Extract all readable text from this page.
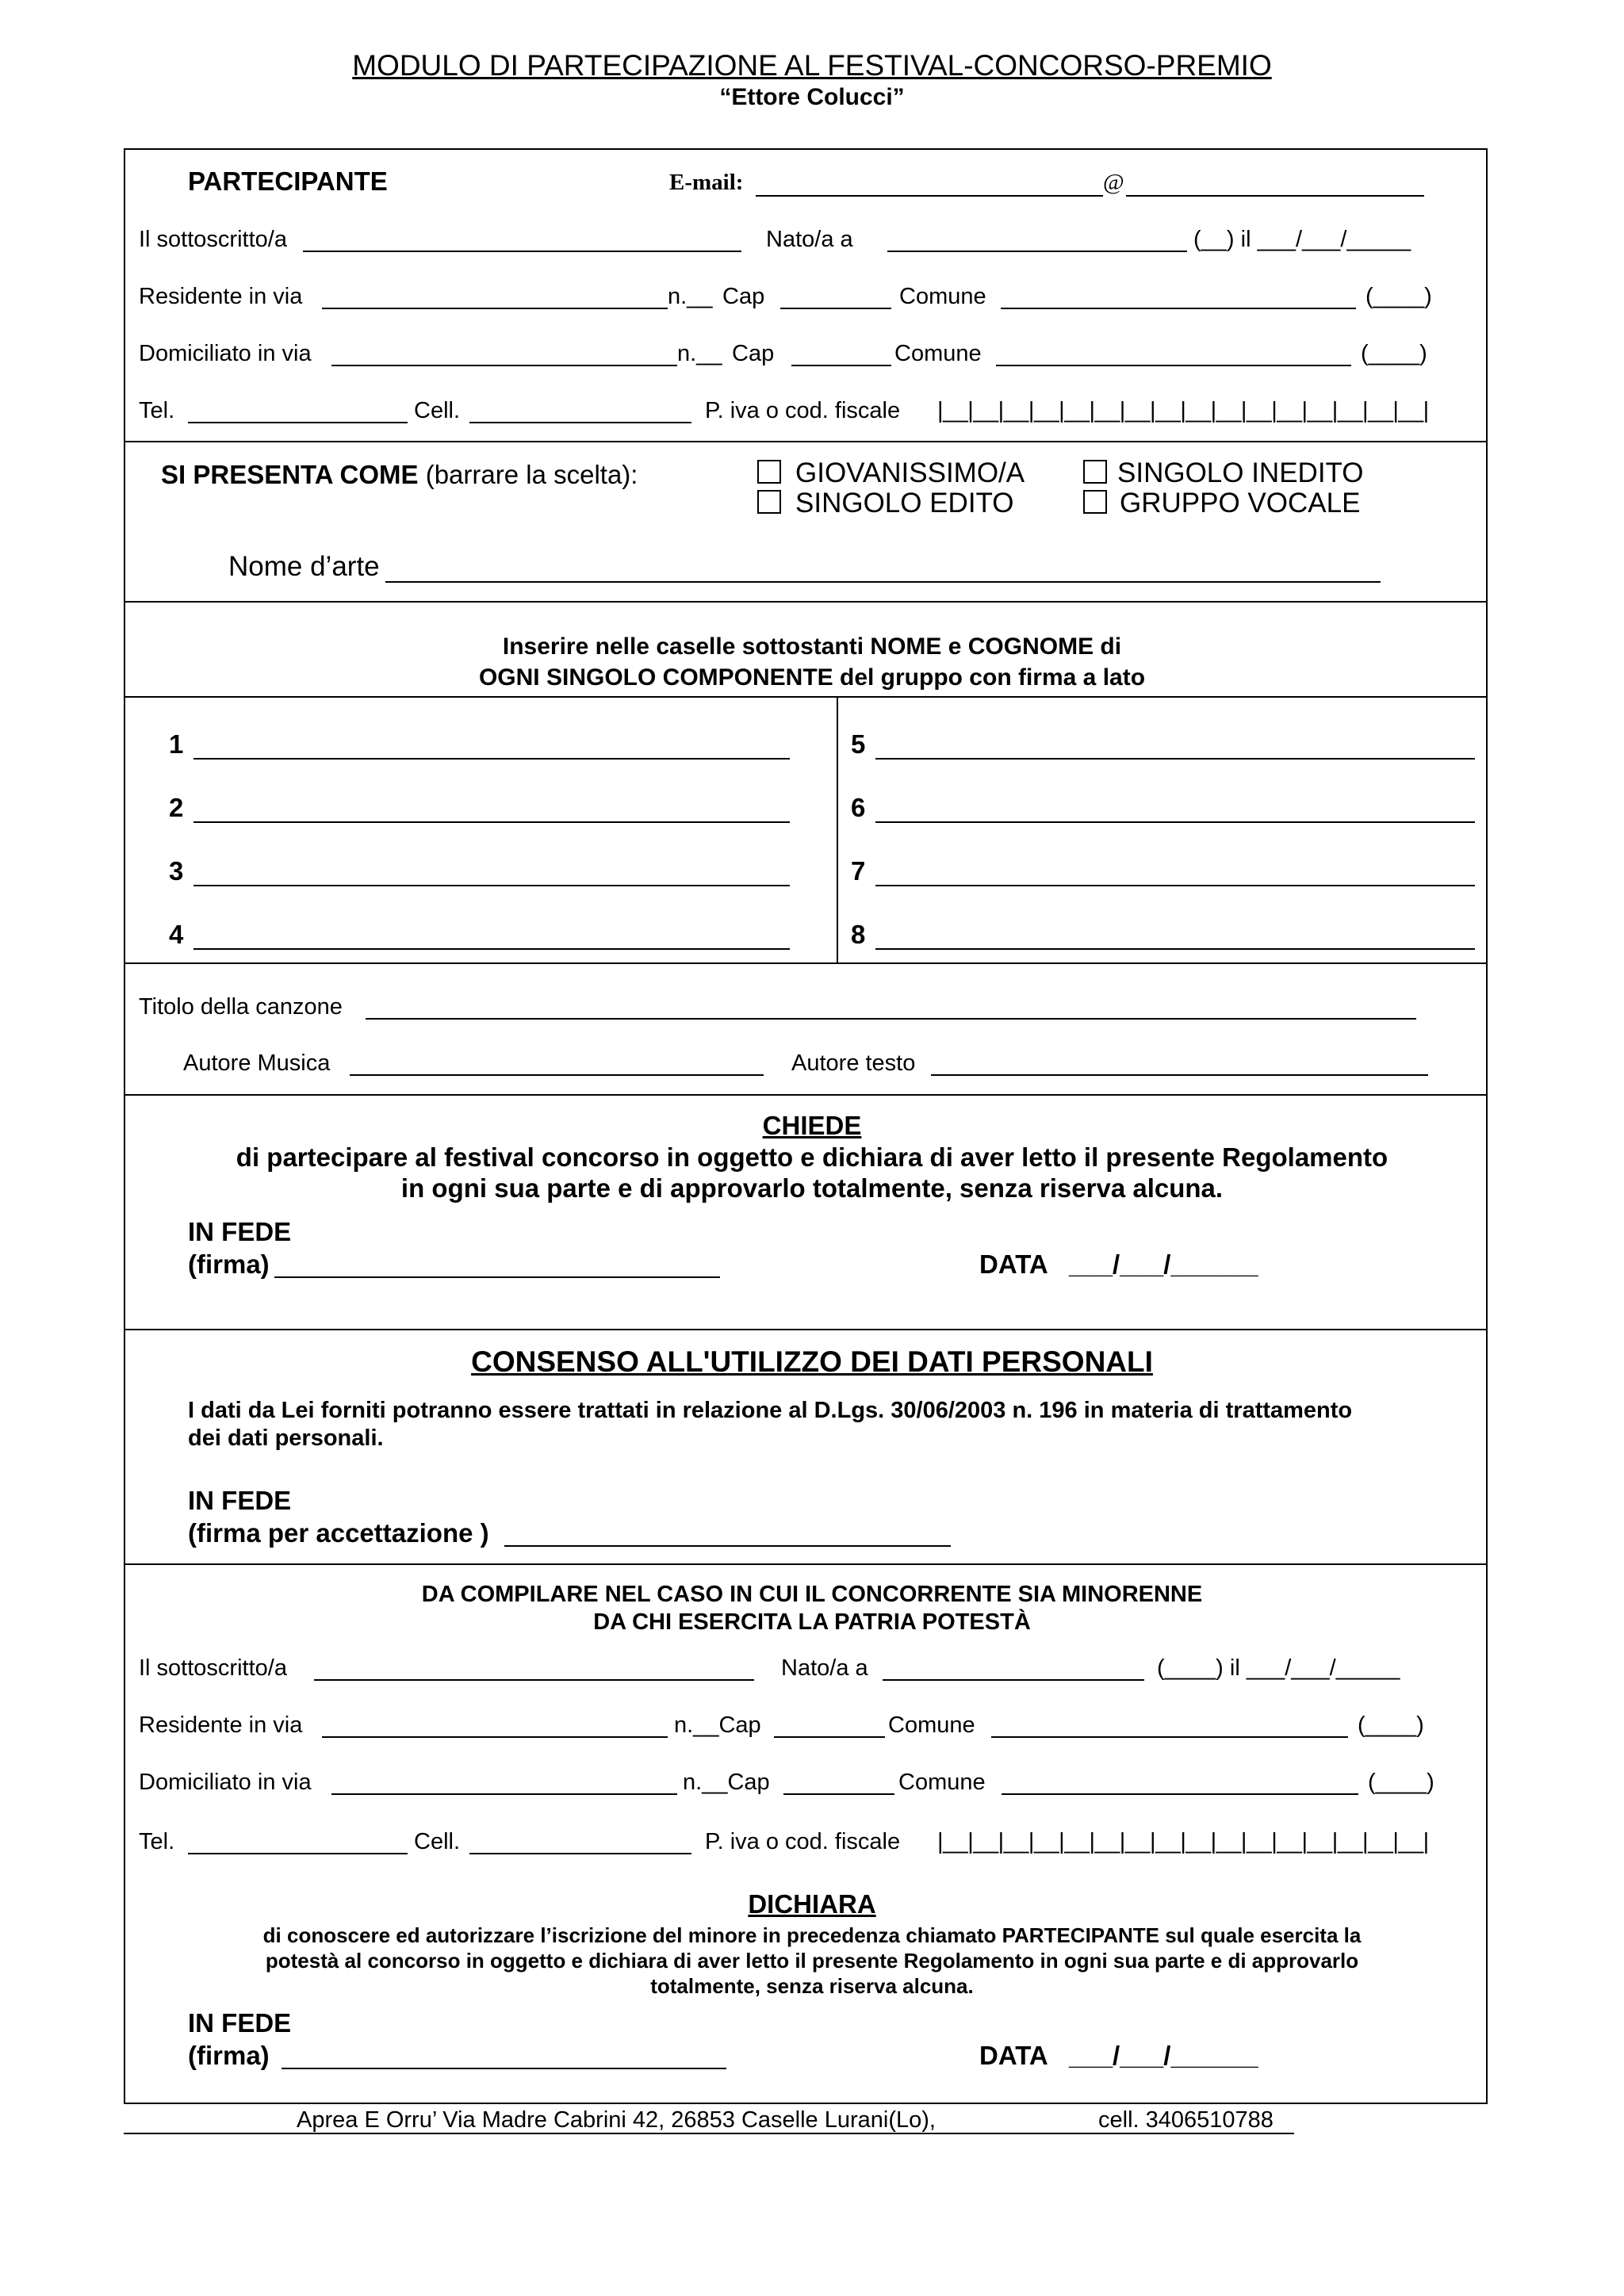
MODULO DI PARTECIPAZIONE AL FESTIVAL-CONCORSO-PREMIO
“Ettore Colucci”
PARTECIPANTE	E-mail:	@
Il sottoscritto/a	Nato/a a	(__) il ___/___/_____
Residente in via	n.__ Cap	Comune	(____)
Domiciliato in via	n.__ Cap	Comune	(____)
Tel.	Cell.	P. iva o cod. fiscale |__|__|__|__|__|__|__|__|__|__|__|__|__|__|__|__|
SI PRESENTA COME (barrare la scelta):	GIOVANISSIMO/A	SINGOLO INEDITO
SINGOLO EDITO	GRUPPO VOCALE
Nome d’arte
Inserire nelle caselle sottostanti NOME e COGNOME di
OGNI SINGOLO COMPONENTE del gruppo con firma a lato
1
2
3
4
5
6
7
8
Titolo della canzone
Autore Musica	Autore testo
CHIEDE
di partecipare al festival concorso in oggetto e dichiara di aver letto il presente Regolamento
in ogni sua parte e di approvarlo totalmente, senza riserva alcuna.
IN FEDE
(firma)	DATA ___/___/______
CONSENSO ALL'UTILIZZO DEI DATI PERSONALI
I dati da Lei forniti potranno essere trattati in relazione al D.Lgs. 30/06/2003 n. 196 in materia di trattamento
dei dati personali.
IN FEDE
(firma per accettazione )
DA COMPILARE NEL CASO IN CUI IL CONCORRENTE SIA MINORENNE
DA CHI ESERCITA LA PATRIA POTESTÀ
Il sottoscritto/a	Nato/a a	(____) il ___/___/_____
Residente in via	n.__Cap	Comune	(____)
Domiciliato in via	n.__Cap	Comune	(____)
Tel.	Cell.	P. iva o cod. fiscale |__|__|__|__|__|__|__|__|__|__|__|__|__|__|__|__|
DICHIARA
di conoscere ed autorizzare l’iscrizione del minore in precedenza chiamato PARTECIPANTE sul quale esercita la
potestà al concorso in oggetto e dichiara di aver letto il presente Regolamento in ogni sua parte e di approvarlo
totalmente, senza riserva alcuna.
IN FEDE
(firma)	DATA ___/___/______
Aprea E Orru’ Via Madre Cabrini 42, 26853 Caselle Lurani(Lo),	cell. 3406510788
